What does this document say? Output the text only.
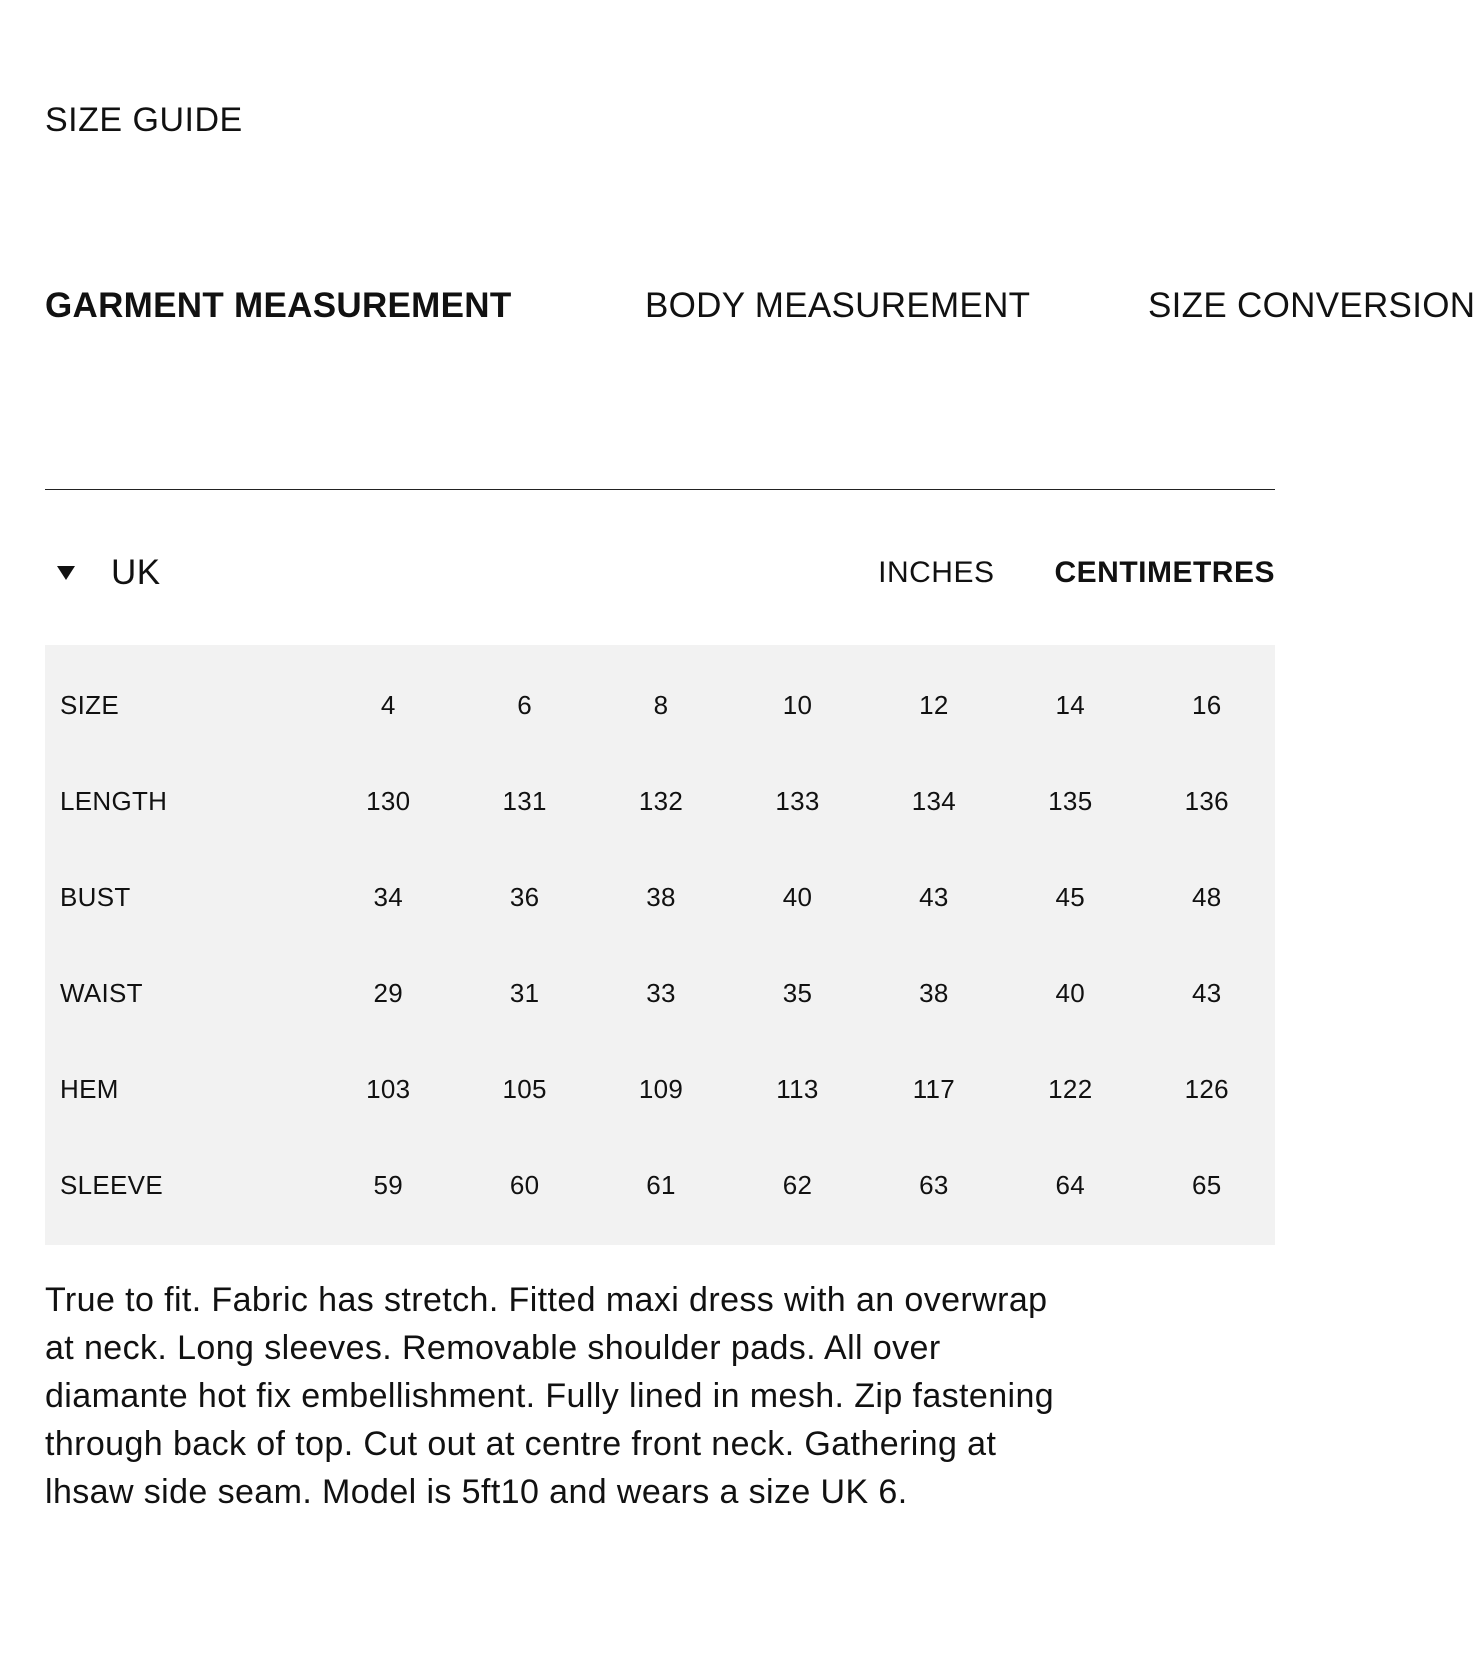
SIZE GUIDE
GARMENT MEASUREMENT	BODY MEASUREMENT	SIZE CONVERSION
UK	INCHES CENTIMETRES
SIZE	4	6	8	10	12	14	16
LENGTH	130	131	132	133	134	135	136
BUST	34	36	38	40	43	45	48
WAIST	29	31	33	35	38	40	43
HEM	103	105	109	113	117	122	126
SLEEVE	59	60	61	62	63	64	65

True to fit. Fabric has stretch. Fitted maxi dress with an overwrap at neck. Long sleeves. Removable shoulder pads. All over diamante hot fix embellishment. Fully lined in mesh. Zip fastening through back of top. Cut out at centre front neck. Gathering at lhsaw side seam. Model is 5ft10 and wears a size UK 6.
